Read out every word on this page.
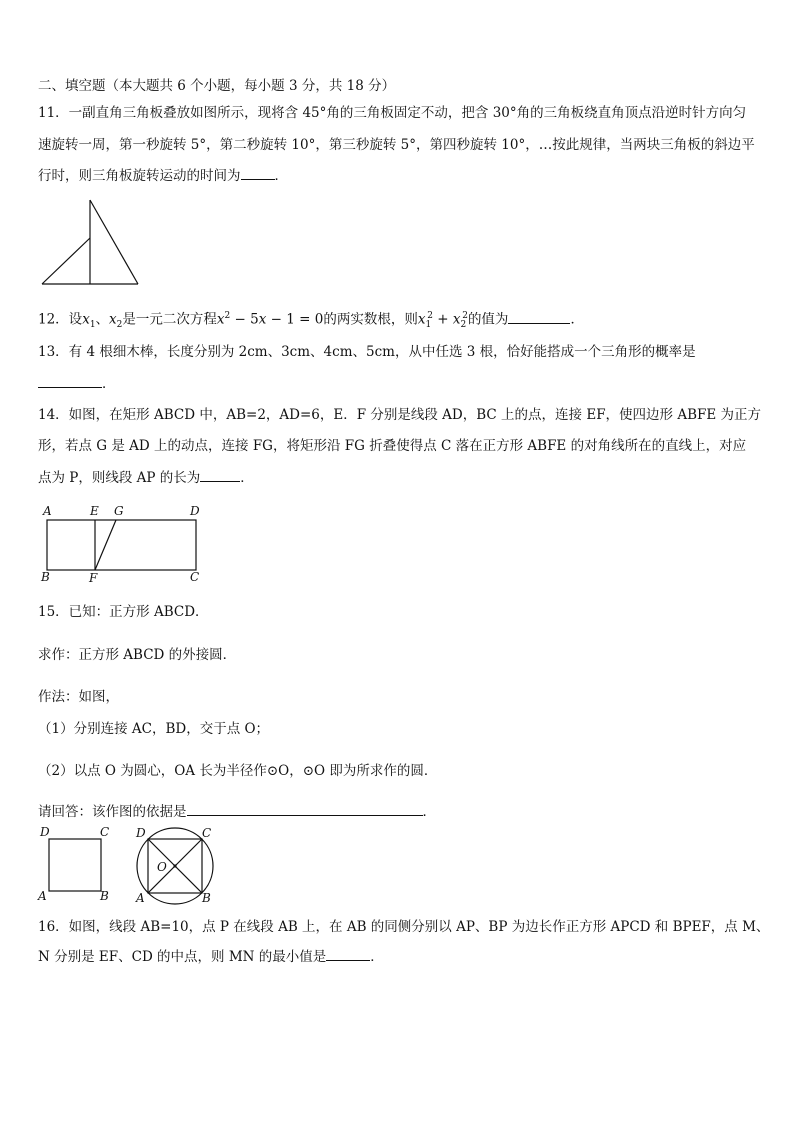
二、填空题（本大题共 6 个小题，每小题 3 分，共 18 分）
11．一副直角三角板叠放如图所示，现将含 45°角的三角板固定不动，把含 30°角的三角板绕直角顶点沿逆时针方向匀
速旋转一周，第一秒旋转 5°，第二秒旋转 10°，第三秒旋转 5°，第四秒旋转 10°，…按此规律，当两块三角板的斜边平
行时，则三角板旋转运动的时间为	．
12．设$x_1$、$x_2$是一元二次方程$x^2 - 5x - 1 = 0$的两实数根，则$x_1^2 + x_2^2$的值为	．
13．有 4 根细木棒，长度分别为 2cm、3cm、4cm、5cm，从中任选 3 根，恰好能搭成一个三角形的概率是
．
14．如图，在矩形 ABCD 中，AB=2，AD=6，E．F 分别是线段 AD，BC 上的点，连接 EF，使四边形 ABFE 为正方
形，若点 G 是 AD 上的动点，连接 FG，将矩形沿 FG 折叠使得点 C 落在正方形 ABFE 的对角线所在的直线上，对应
点为 P，则线段 AP 的长为	．
A	E G	D
B	F	C
15．已知：正方形 ABCD．
求作：正方形 ABCD 的外接圆．
作法：如图，
（1）分别连接 AC，BD，交于点 O；
（2）以点 O 为圆心，OA 长为半径作⊙O，⊙O 即为所求作的圆．
请回答：该作图的依据是	．
D	C
A	B
D	C
O
A	B
16．如图，线段 AB=10，点 P 在线段 AB 上，在 AB 的同侧分别以 AP、BP 为边长作正方形 APCD 和 BPEF，点 M、
N 分别是 EF、CD 的中点，则 MN 的最小值是	．
